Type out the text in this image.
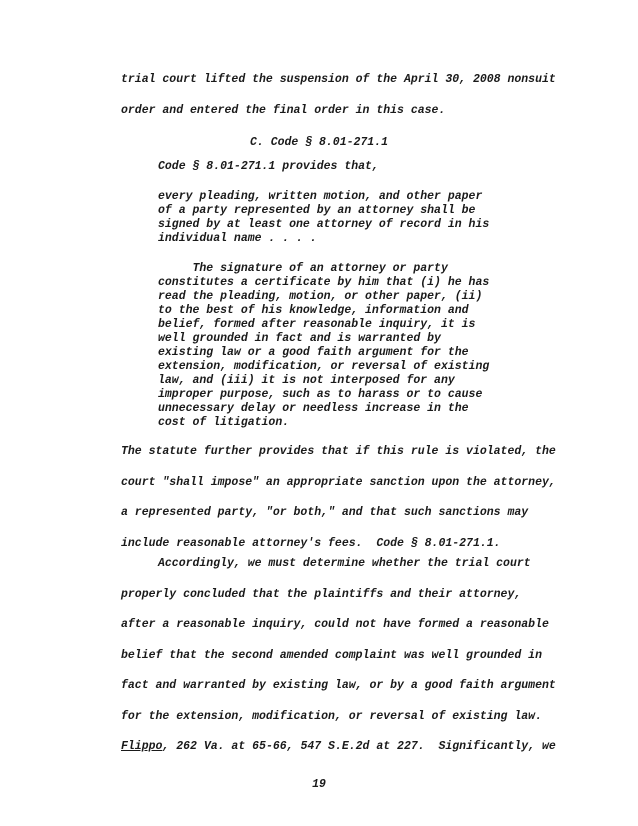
trial court lifted the suspension of the April 30, 2008 nonsuit
order and entered the final order in this case.
C. Code § 8.01-271.1
Code § 8.01-271.1 provides that,
every pleading, written motion, and other paper
of a party represented by an attorney shall be
signed by at least one attorney of record in his
individual name . . . .
The signature of an attorney or party
constitutes a certificate by him that (i) he has
read the pleading, motion, or other paper, (ii)
to the best of his knowledge, information and
belief, formed after reasonable inquiry, it is
well grounded in fact and is warranted by
existing law or a good faith argument for the
extension, modification, or reversal of existing
law, and (iii) it is not interposed for any
improper purpose, such as to harass or to cause
unnecessary delay or needless increase in the
cost of litigation.
The statute further provides that if this rule is violated, the
court "shall impose" an appropriate sanction upon the attorney,
a represented party, "or both," and that such sanctions may
include reasonable attorney's fees.  Code § 8.01-271.1.
Accordingly, we must determine whether the trial court
properly concluded that the plaintiffs and their attorney,
after a reasonable inquiry, could not have formed a reasonable
belief that the second amended complaint was well grounded in
fact and warranted by existing law, or by a good faith argument
for the extension, modification, or reversal of existing law.
Flippo, 262 Va. at 65-66, 547 S.E.2d at 227.  Significantly, we
19
